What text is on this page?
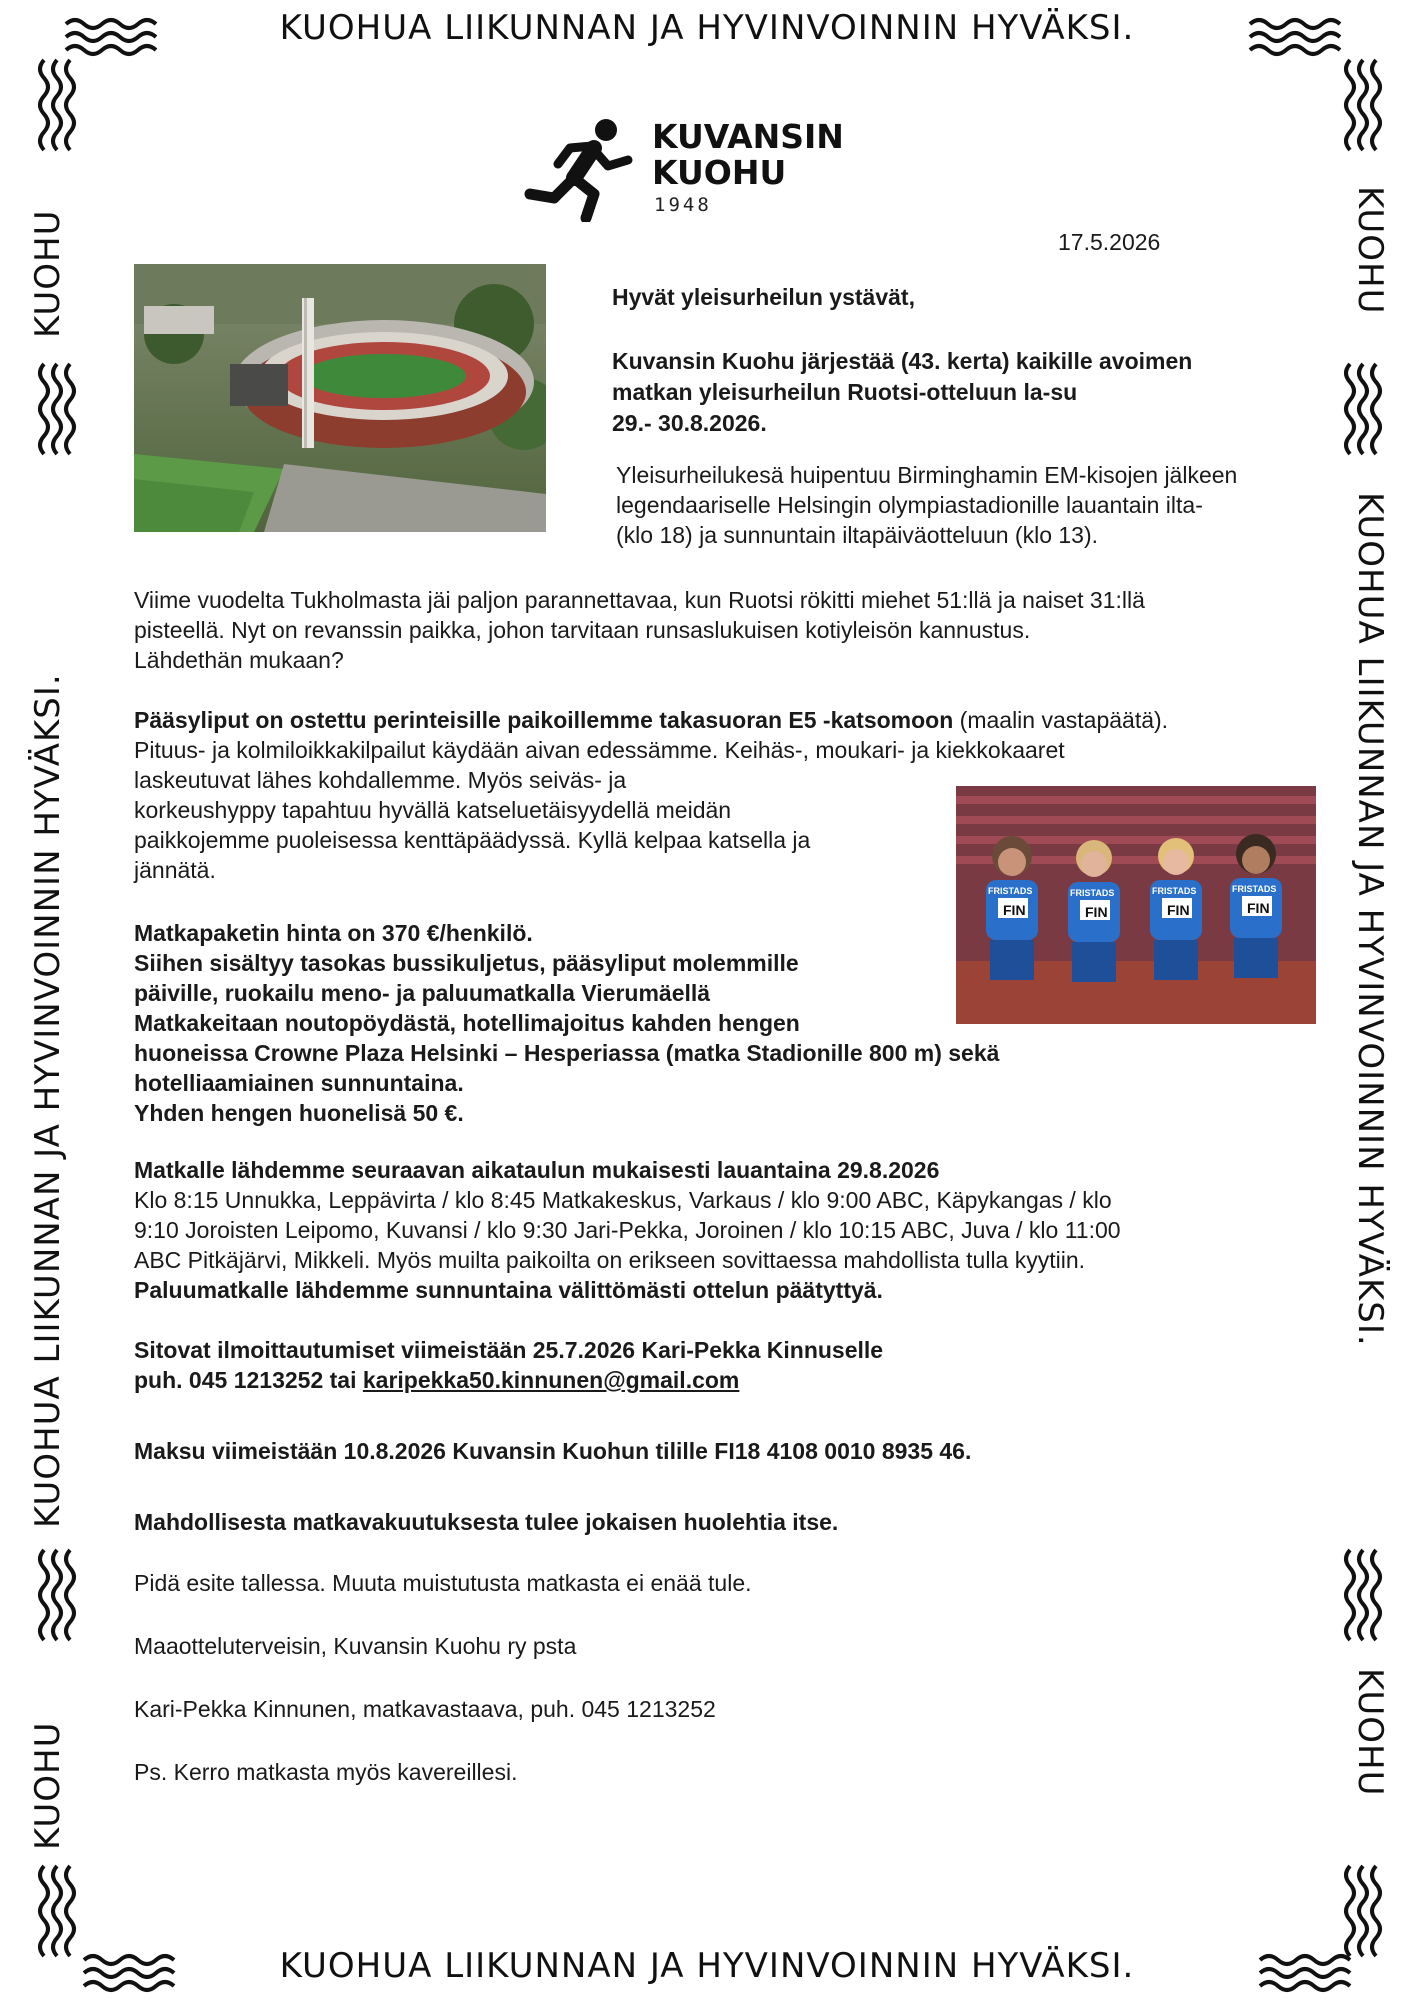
KUOHUA LIIKUNNAN JA HYVINVOINNIN HYVÄKSI.
KUOHUA LIIKUNNAN JA HYVINVOINNIN HYVÄKSI.
KUOHU
KUOHUA LIIKUNNAN JA HYVINVOINNIN HYVÄKSI.
KUOHU
KUOHU
KUOHUA LIIKUNNAN JA HYVINVOINNIN HYVÄKSI.
KUOHU
KUVANSIN
KUOHU
1948
17.5.2026
Hyvät yleisurheilun ystävät,
Kuvansin Kuohu järjestää (43. kerta) kaikille avoimen
matkan yleisurheilun Ruotsi-otteluun la-su
29.- 30.8.2026.
Yleisurheilukesä huipentuu Birminghamin EM-kisojen jälkeen
legendaariselle Helsingin olympiastadionille lauantain ilta-
(klo 18) ja sunnuntain iltapäiväotteluun (klo 13).
Viime vuodelta Tukholmasta jäi paljon parannettavaa, kun Ruotsi rökitti miehet 51:llä ja naiset 31:llä
pisteellä. Nyt on revanssin paikka, johon tarvitaan runsaslukuisen kotiyleisön kannustus.
Lähdethän mukaan?
Pääsyliput on ostettu perinteisille paikoillemme takasuoran E5 -katsomoon (maalin vastapäätä).
Pituus- ja kolmiloikkakilpailut käydään aivan edessämme. Keihäs-, moukari- ja kiekkokaaret
laskeutuvat lähes kohdallemme. Myös seiväs- ja
korkeushyppy tapahtuu hyvällä katseluetäisyydellä meidän
paikkojemme puoleisessa kenttäpäädyssä. Kyllä kelpaa katsella ja
jännätä.
FRISTADS
FIN
FRISTADS
FIN
FRISTADS
FIN
FRISTADS
FIN
Matkapaketin hinta on 370 €/henkilö.
Siihen sisältyy tasokas bussikuljetus, pääsyliput molemmille
päiville, ruokailu meno- ja paluumatkalla Vierumäellä
Matkakeitaan noutopöydästä, hotellimajoitus kahden hengen
huoneissa Crowne Plaza Helsinki – Hesperiassa (matka Stadionille 800 m) sekä
hotelliaamiainen sunnuntaina.
Yhden hengen huonelisä 50 €.
Matkalle lähdemme seuraavan aikataulun mukaisesti lauantaina 29.8.2026
Klo 8:15 Unnukka, Leppävirta / klo 8:45 Matkakeskus, Varkaus / klo 9:00 ABC, Käpykangas / klo
9:10 Joroisten Leipomo, Kuvansi / klo 9:30 Jari-Pekka, Joroinen / klo 10:15 ABC, Juva / klo 11:00
ABC Pitkäjärvi, Mikkeli. Myös muilta paikoilta on erikseen sovittaessa mahdollista tulla kyytiin.
Paluumatkalle lähdemme sunnuntaina välittömästi ottelun päätyttyä.
Sitovat ilmoittautumiset viimeistään 25.7.2026 Kari-Pekka Kinnuselle
puh. 045 1213252 tai karipekka50.kinnunen@gmail.com
Maksu viimeistään 10.8.2026 Kuvansin Kuohun tilille FI18 4108 0010 8935 46.
Mahdollisesta matkavakuutuksesta tulee jokaisen huolehtia itse.
Pidä esite tallessa. Muuta muistutusta matkasta ei enää tule.
Maaotteluterveisin, Kuvansin Kuohu ry psta
Kari-Pekka Kinnunen, matkavastaava, puh. 045 1213252
Ps. Kerro matkasta myös kavereillesi.
